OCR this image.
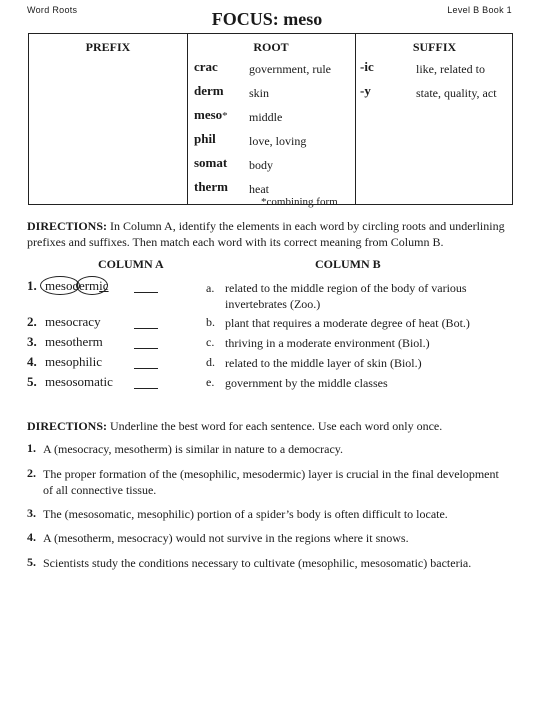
Word Roots	Level B Book 1
FOCUS: meso
PREFIX	ROOT	SUFFIX
crac	government, rule
derm skin
meso* middle
phil	love, loving
somat body
therm heat
*combining form
-ic	like, related to
-y	state, quality, act
DIRECTIONS: In Column A, identify the elements in each word by circling roots and underlining prefixes and suffixes. Then match each word with its correct meaning from Column B.
COLUMN A	COLUMN B
1. mesodermic	a. related to the middle region of the body of various invertebrates (Zoo.)
2. mesocracy	b. plant that requires a moderate degree of heat (Bot.)
3. mesotherm	c. thriving in a moderate environment (Biol.)
4. mesophilic	d. related to the middle layer of skin (Biol.)
5. mesosomatic	e. government by the middle classes
DIRECTIONS: Underline the best word for each sentence. Use each word only once.
1. A (mesocracy, mesotherm) is similar in nature to a democracy.
2. The proper formation of the (mesophilic, mesodermic) layer is crucial in the final development of all connective tissue.
3. The (mesosomatic, mesophilic) portion of a spider’s body is often difficult to locate.
4. A (mesotherm, mesocracy) would not survive in the regions where it snows.
5. Scientists study the conditions necessary to cultivate (mesophilic, mesosomatic) bacteria.
